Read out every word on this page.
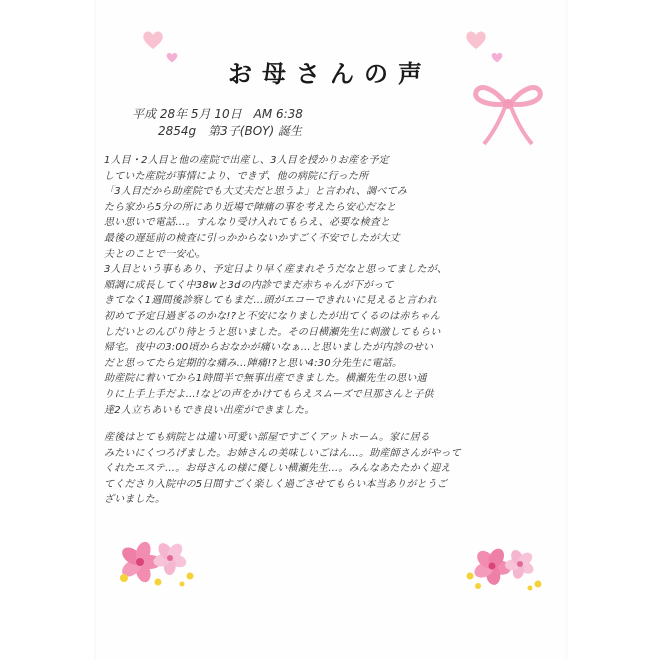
お母さんの声
平成 28年 5月 10日　AM 6:38
2854g　第3子(BOY) 誕生
1人目・2人目と他の産院で出産し、3人目を授かりお産を予定
していた産院が事情により、できず、他の病院に行った所
「3人目だから助産院でも大丈夫だと思うよ」と言われ、調べてみ
たら家から5分の所にあり近場で陣痛の事を考えたら安心だなと
思い思いで電話…。すんなり受け入れてもらえ、必要な検査と
最後の遅延前の検査に引っかからないかすごく不安でしたが大丈
夫とのことで一安心。
3人目という事もあり、予定日より早く産まれそうだなと思ってましたが、
順調に成長してく中38wと3dの内診でまだ赤ちゃんが下がって
きてなく1週間後診察してもまだ…頭がエコーできれいに見えると言われ
初めて予定日過ぎるのかな!?と不安になりましたが出てくるのは赤ちゃん
しだいとのんびり待とうと思いました。その日横瀬先生に刺激してもらい
帰宅。夜中の3:00頃からおなかが痛いなぁ…と思いましたが内診のせい
だと思ってたら定期的な痛み…陣痛!?と思い4:30分先生に電話。
助産院に着いてから1時間半で無事出産できました。横瀬先生の思い通
りに上手上手だよ…!などの声をかけてもらえスムーズで旦那さんと子供
達2人立ちあいもでき良い出産ができました。
産後はとても病院とは違い可愛い部屋ですごくアットホーム。家に居る
みたいにくつろげました。お姉さんの美味しいごはん…。助産師さんがやって
くれたエステ…。お母さんの様に優しい横瀬先生…。みんなあたたかく迎え
てくださり入院中の5日間すごく楽しく過ごさせてもらい本当ありがとうご
ざいました。
